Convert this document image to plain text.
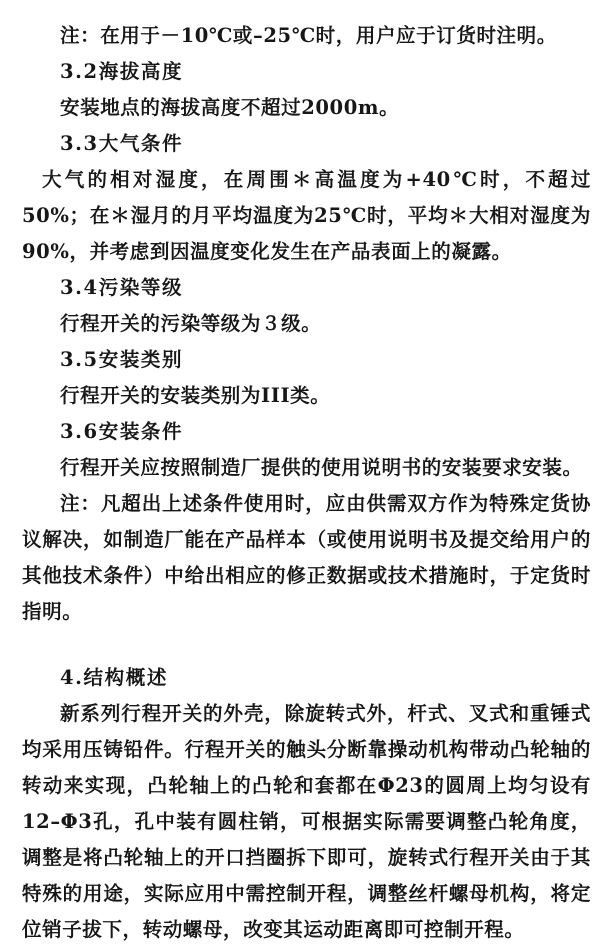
注：在用于－10℃或–25℃时，用户应于订货时注明。

3.2海拔高度

安装地点的海拔高度不超过2000m。

3.3大气条件

大气的相对湿度，在周围＊高温度为+40℃时，不超过50%；在＊湿月的月平均温度为25℃时，平均＊大相对湿度为90%，并考虑到因温度变化发生在产品表面上的凝露。

3.4污染等级

行程开关的污染等级为３级。

3.5安装类别

行程开关的安装类别为ⅠⅠⅠ类。

3.6安装条件

行程开关应按照制造厂提供的使用说明书的安装要求安装。

注：凡超出上述条件使用时，应由供需双方作为特殊定货协议解决，如制造厂能在产品样本（或使用说明书及提交给用户的其他技术条件）中给出相应的修正数据或技术措施时，于定货时指明。

4.结构概述

新系列行程开关的外壳，除旋转式外，杆式、叉式和重锤式均采用压铸铅件。行程开关的触头分断靠操动机构带动凸轮轴的转动来实现，凸轮轴上的凸轮和套都在Φ23的圆周上均匀设有12–Φ3孔，孔中装有圆柱销，可根据实际需要调整凸轮角度，调整是将凸轮轴上的开口挡圈拆下即可，旋转式行程开关由于其特殊的用途，实际应用中需控制开程，调整丝杆螺母机构，将定位销子拔下，转动螺母，改变其运动距离即可控制开程。
